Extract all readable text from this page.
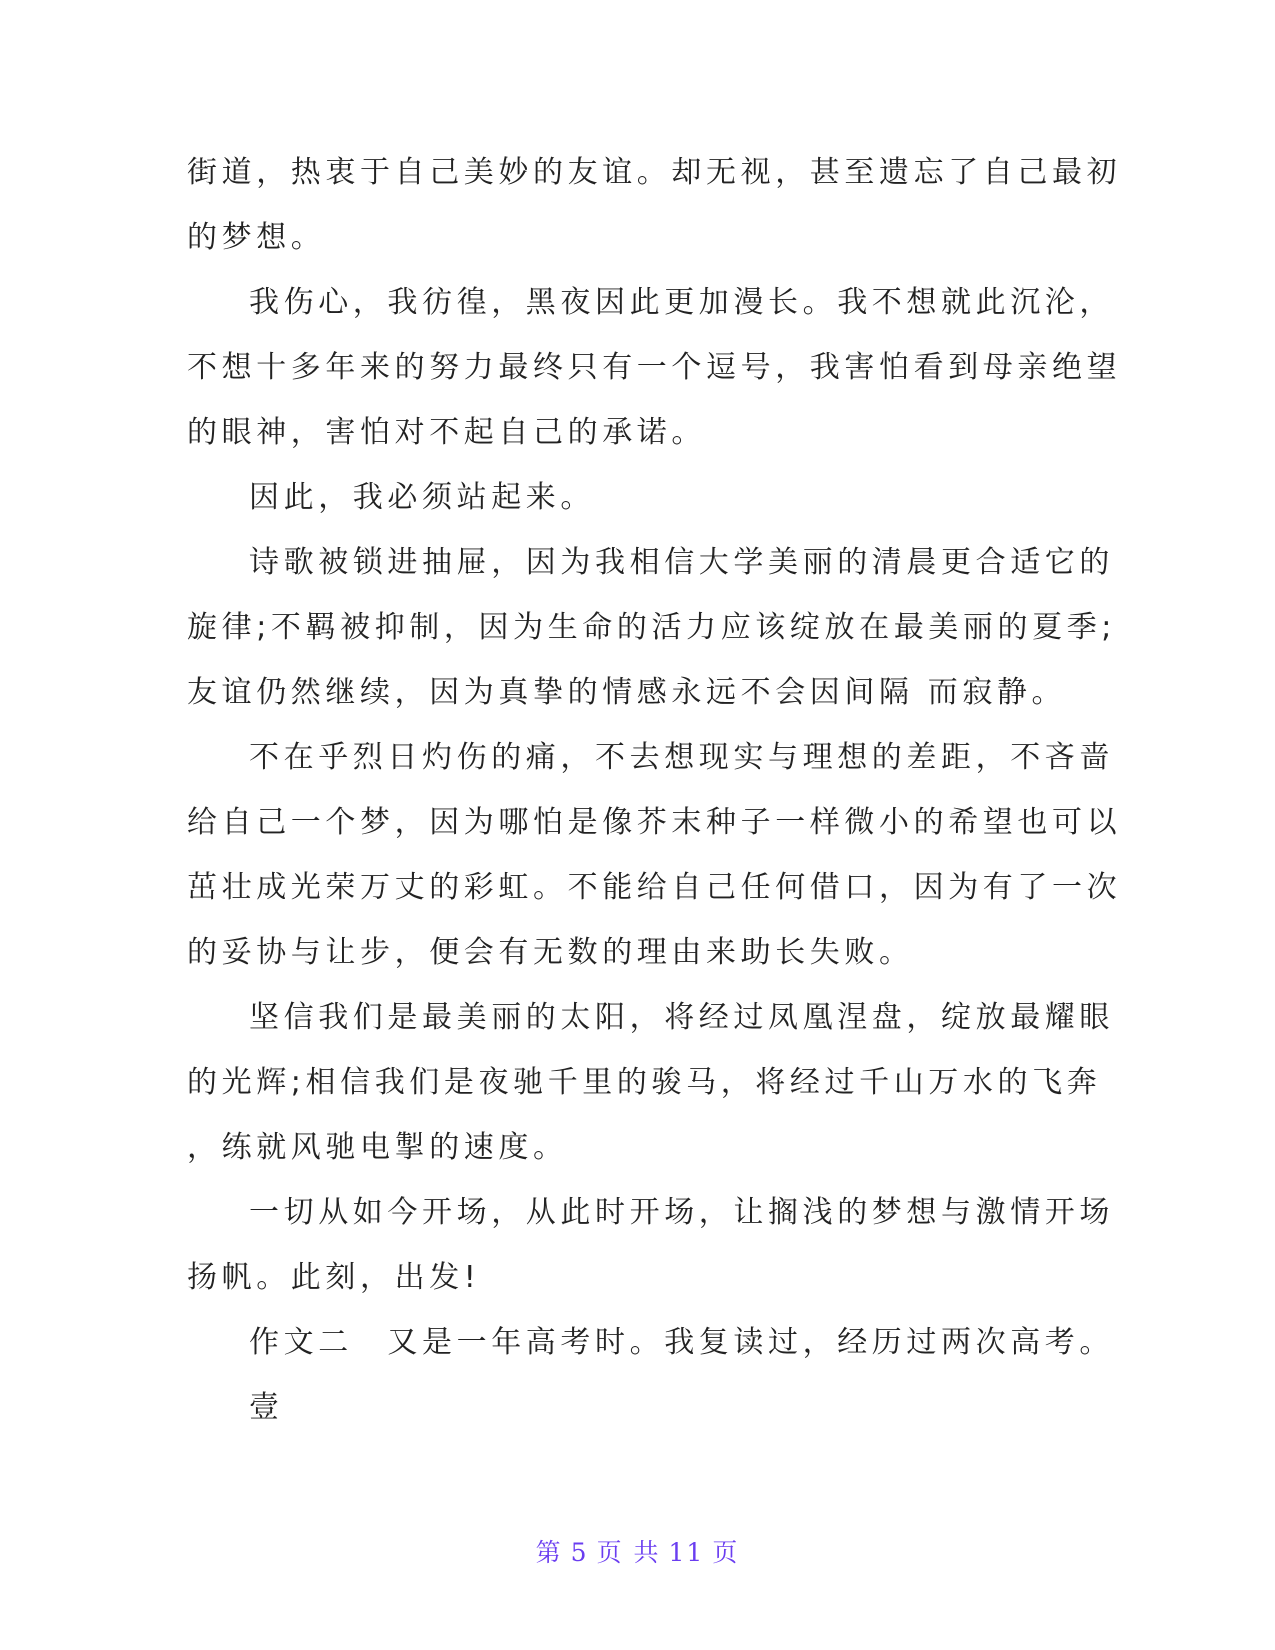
街道，热衷于自己美妙的友谊。却无视，甚至遗忘了自己最初
的梦想。
我伤心，我彷徨，黑夜因此更加漫长。我不想就此沉沦，
不想十多年来的努力最终只有一个逗号，我害怕看到母亲绝望
的眼神，害怕对不起自己的承诺。
因此，我必须站起来。
诗歌被锁进抽屉，因为我相信大学美丽的清晨更合适它的
旋律;不羁被抑制，因为生命的活力应该绽放在最美丽的夏季;
友谊仍然继续，因为真挚的情感永远不会因间隔 而寂静。
不在乎烈日灼伤的痛，不去想现实与理想的差距，不吝啬
给自己一个梦，因为哪怕是像芥末种子一样微小的希望也可以
茁壮成光荣万丈的彩虹。不能给自己任何借口，因为有了一次
的妥协与让步，便会有无数的理由来助长失败。
坚信我们是最美丽的太阳，将经过凤凰涅盘，绽放最耀眼
的光辉;相信我们是夜驰千里的骏马，将经过千山万水的飞奔
，练就风驰电掣的速度。
一切从如今开场，从此时开场，让搁浅的梦想与激情开场
扬帆。此刻，出发!
作文二　又是一年高考时。我复读过，经历过两次高考。
壹
第 5 页 共 11 页
